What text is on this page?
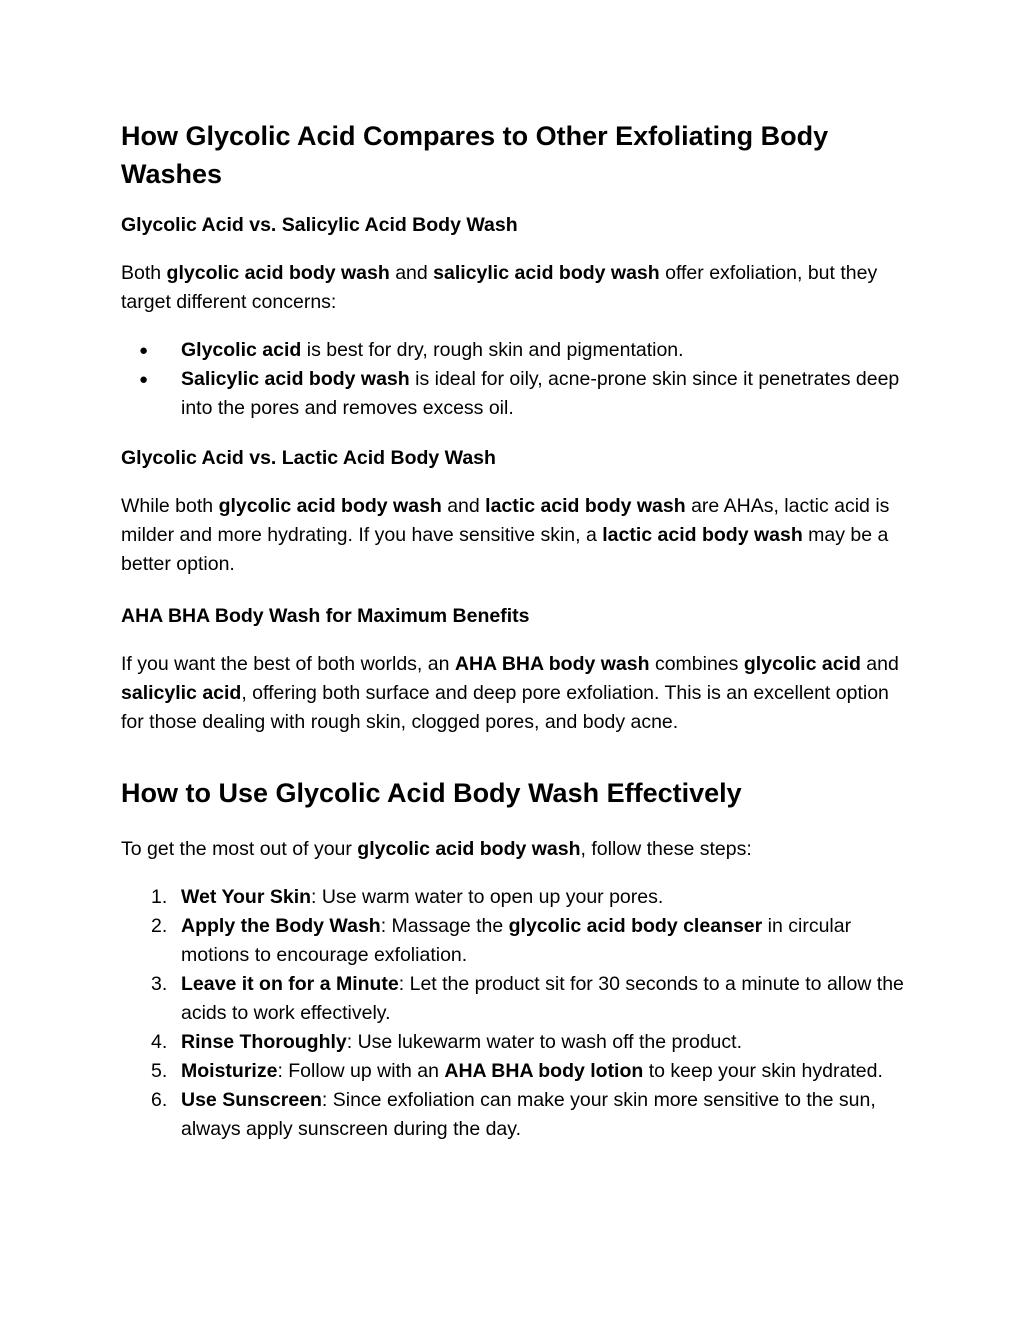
How Glycolic Acid Compares to Other Exfoliating Body Washes
Glycolic Acid vs. Salicylic Acid Body Wash

Both glycolic acid body wash and salicylic acid body wash offer exfoliation, but they target different concerns:

● Glycolic acid is best for dry, rough skin and pigmentation.
● Salicylic acid body wash is ideal for oily, acne-prone skin since it penetrates deep into the pores and removes excess oil.
Glycolic Acid vs. Lactic Acid Body Wash

While both glycolic acid body wash and lactic acid body wash are AHAs, lactic acid is milder and more hydrating. If you have sensitive skin, a lactic acid body wash may be a better option.

AHA BHA Body Wash for Maximum Benefits

If you want the best of both worlds, an AHA BHA body wash combines glycolic acid and salicylic acid, offering both surface and deep pore exfoliation. This is an excellent option for those dealing with rough skin, clogged pores, and body acne.

How to Use Glycolic Acid Body Wash Effectively

To get the most out of your glycolic acid body wash, follow these steps:

1. Wet Your Skin: Use warm water to open up your pores.
2. Apply the Body Wash: Massage the glycolic acid body cleanser in circular motions to encourage exfoliation.
3. Leave it on for a Minute: Let the product sit for 30 seconds to a minute to allow the acids to work effectively.
4. Rinse Thoroughly: Use lukewarm water to wash off the product.
5. Moisturize: Follow up with an AHA BHA body lotion to keep your skin hydrated.
6. Use Sunscreen: Since exfoliation can make your skin more sensitive to the sun, always apply sunscreen during the day.
